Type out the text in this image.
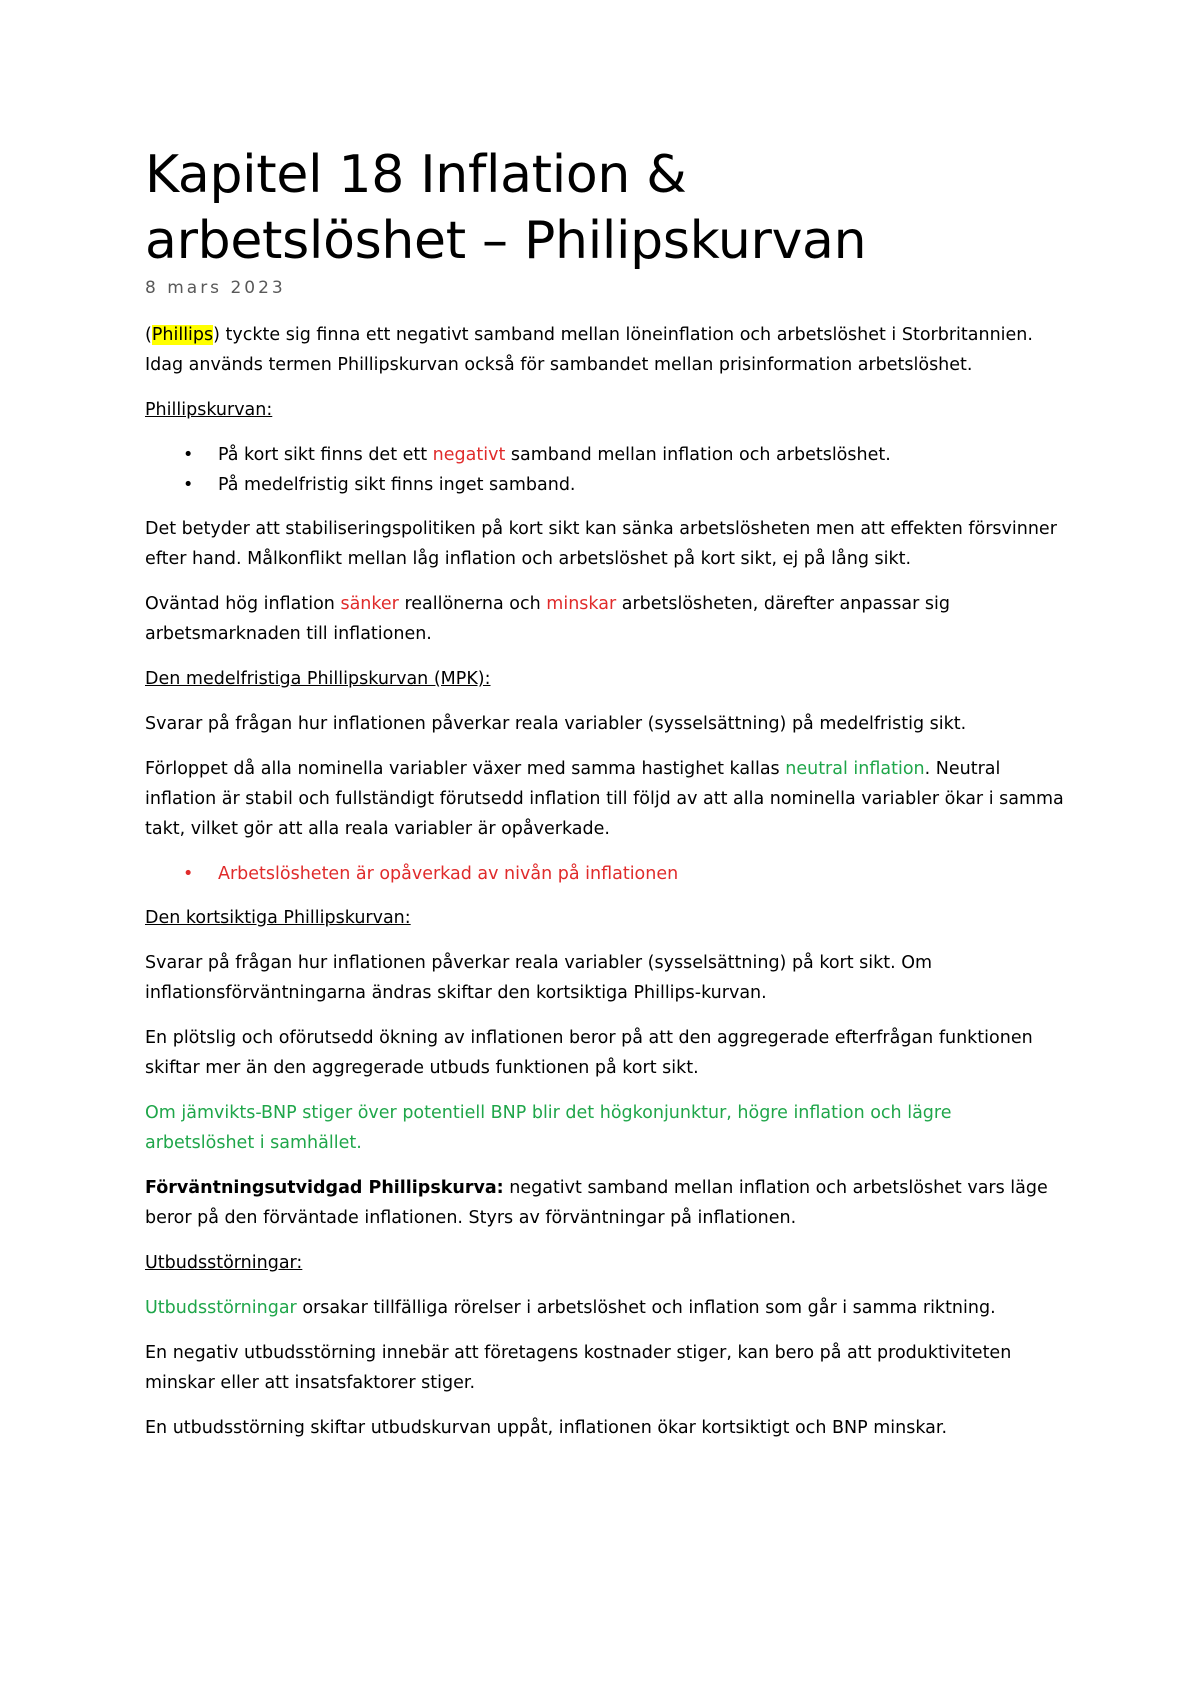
Kapitel 18 Inflation &
arbetslöshet – Philipskurvan
8 mars 2023

(Phillips) tyckte sig finna ett negativt samband mellan löneinflation och arbetslöshet i Storbritannien. Idag används termen Phillipskurvan också för sambandet mellan prisinformation arbetslöshet.

Phillipskurvan:

• På kort sikt finns det ett negativt samband mellan inflation och arbetslöshet.
• På medelfristig sikt finns inget samband.

Det betyder att stabiliseringspolitiken på kort sikt kan sänka arbetslösheten men att effekten försvinner efter hand. Målkonflikt mellan låg inflation och arbetslöshet på kort sikt, ej på lång sikt.

Oväntad hög inflation sänker reallönerna och minskar arbetslösheten, därefter anpassar sig arbetsmarknaden till inflationen.

Den medelfristiga Phillipskurvan (MPK):

Svarar på frågan hur inflationen påverkar reala variabler (sysselsättning) på medelfristig sikt.

Förloppet då alla nominella variabler växer med samma hastighet kallas neutral inflation. Neutral inflation är stabil och fullständigt förutsedd inflation till följd av att alla nominella variabler ökar i samma takt, vilket gör att alla reala variabler är opåverkade.

• Arbetslösheten är opåverkad av nivån på inflationen

Den kortsiktiga Phillipskurvan:

Svarar på frågan hur inflationen påverkar reala variabler (sysselsättning) på kort sikt. Om inflationsförväntningarna ändras skiftar den kortsiktiga Phillips-kurvan.

En plötslig och oförutsedd ökning av inflationen beror på att den aggregerade efterfrågan funktionen skiftar mer än den aggregerade utbuds funktionen på kort sikt.

Om jämvikts-BNP stiger över potentiell BNP blir det högkonjunktur, högre inflation och lägre arbetslöshet i samhället.

Förväntningsutvidgad Phillipskurva: negativt samband mellan inflation och arbetslöshet vars läge beror på den förväntade inflationen. Styrs av förväntningar på inflationen.

Utbudsstörningar:

Utbudsstörningar orsakar tillfälliga rörelser i arbetslöshet och inflation som går i samma riktning.

En negativ utbudsstörning innebär att företagens kostnader stiger, kan bero på att produktiviteten minskar eller att insatsfaktorer stiger.

En utbudsstörning skiftar utbudskurvan uppåt, inflationen ökar kortsiktigt och BNP minskar.
